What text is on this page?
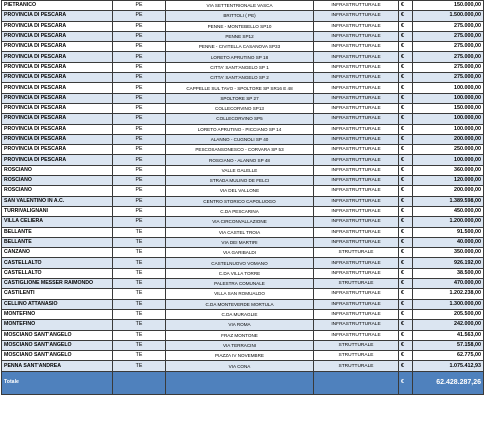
PIETRANICO	PE	VIA SETTENTRIONALE VASCA	INFRASTRUTTURALE	€	150.000,00
PROVINCIA DI PESCARA	PE	BRITTOLI ( PE)	INFRASTRUTTURALE	€	1.500.000,00
PROVINCIA DI PESCARA	PE	PENNE - MONTEBELLO SP10	INFRASTRUTTURALE	€	275.000,00
PROVINCIA DI PESCARA	PE	PENNE SP12	INFRASTRUTTURALE	€	275.000,00
PROVINCIA DI PESCARA	PE	PENNE - CIVITELLA CASANOVA SP33	INFRASTRUTTURALE	€	275.000,00
PROVINCIA DI PESCARA	PE	LORETO APRUTINO SP 18	INFRASTRUTTURALE	€	275.000,00
PROVINCIA DI PESCARA	PE	CITTA' SANT'ANGELO SP 1	INFRASTRUTTURALE	€	275.000,00
PROVINCIA DI PESCARA	PE	CITTA' SANT'ANGELO SP 2	INFRASTRUTTURALE	€	275.000,00
PROVINCIA DI PESCARA	PE	CAPPELLE SUL TAVO - SPOLTORE SP SR16 E 48	INFRASTRUTTURALE	€	100.000,00
PROVINCIA DI PESCARA	PE	SPOLTORE SP 27	INFRASTRUTTURALE	€	100.000,00
PROVINCIA DI PESCARA	PE	COLLECORVINO SP13	INFRASTRUTTURALE	€	150.000,00
PROVINCIA DI PESCARA	PE	COLLECORVINO SP5	INFRASTRUTTURALE	€	100.000,00
PROVINCIA DI PESCARA	PE	LORETO APRUTINO - PICCIANO SP 14	INFRASTRUTTURALE	€	100.000,00
PROVINCIA DI PESCARA	PE	ALANNO - CUGNOLI SP 40	INFRASTRUTTURALE	€	200.000,00
PROVINCIA DI PESCARA	PE	PESCOSANSONESCO - CORVARA SP 53	INFRASTRUTTURALE	€	250.000,00
PROVINCIA DI PESCARA	PE	ROSCIANO - ALANNO SP 48	INFRASTRUTTURALE	€	100.000,00
ROSCIANO	PE	VALLE GALELLE	INFRASTRUTTURALE	€	360.000,00
ROSCIANO	PE	STRADA MULINO DE FELCI	INFRASTRUTTURALE	€	120.000,00
ROSCIANO	PE	VIA DEL VALLONE	INFRASTRUTTURALE	€	200.000,00
SAN VALENTINO IN A.C.	PE	CENTRO STORICO CAPOLUOGO	INFRASTRUTTURALE	€	1.389.598,00
TURRIVALIGNANI	PE	C.DA PESCARINA	INFRASTRUTTURALE	€	450.000,00
VILLA CELIERA	PE	VIA CIRCONVALLAZIONE	INFRASTRUTTURALE	€	1.200.000,00
BELLANTE	TE	VIA CASTEL TROIA	INFRASTRUTTURALE	€	91.500,00
BELLANTE	TE	VIA DEI MARTIRI	INFRASTRUTTURALE	€	40.000,00
CANZANO	TE	VIA GARIBALDI	STRUTTURALE	€	350.000,00
CASTELLALTO	TE	CASTELNUOVO VOMANO	INFRASTRUTTURALE	€	926.192,00
CASTELLALTO	TE	C.DA VILLA TORRE	INFRASTRUTTURALE	€	38.500,00
CASTIGLIONE MESSER RAIMONDO	TE	PALESTRA COMUNALE	STRUTTURALE	€	470.000,00
CASTILENTI	TE	VILLA SAN ROMUALDO	INFRASTRUTTURALE	€	1.202.238,00
CELLINO ATTANASIO	TE	C.DA MONTEVERDE MORTULA	INFRASTRUTTURALE	€	1.300.000,00
MONTEFINO	TE	C.DA MURAGLIE	INFRASTRUTTURALE	€	205.500,00
MONTEFINO	TE	VIA ROMA	INFRASTRUTTURALE	€	242.000,00
MOSCIANO SANT'ANGELO	TE	FRAZ MONTONE	INFRASTRUTTURALE	€	41.563,00
MOSCIANO SANT'ANGELO	TE	VIA TERRACINI	STRUTTURALE	€	57.158,00
MOSCIANO SANT'ANGELO	TE	PIAZZA IV NOVEMBRE	STRUTTURALE	€	62.775,00
PENNA SANT'ANDREA	TE	VIA CONA	STRUTTURALE	€	1.075.412,93
Totale				€	62.428.287,26
